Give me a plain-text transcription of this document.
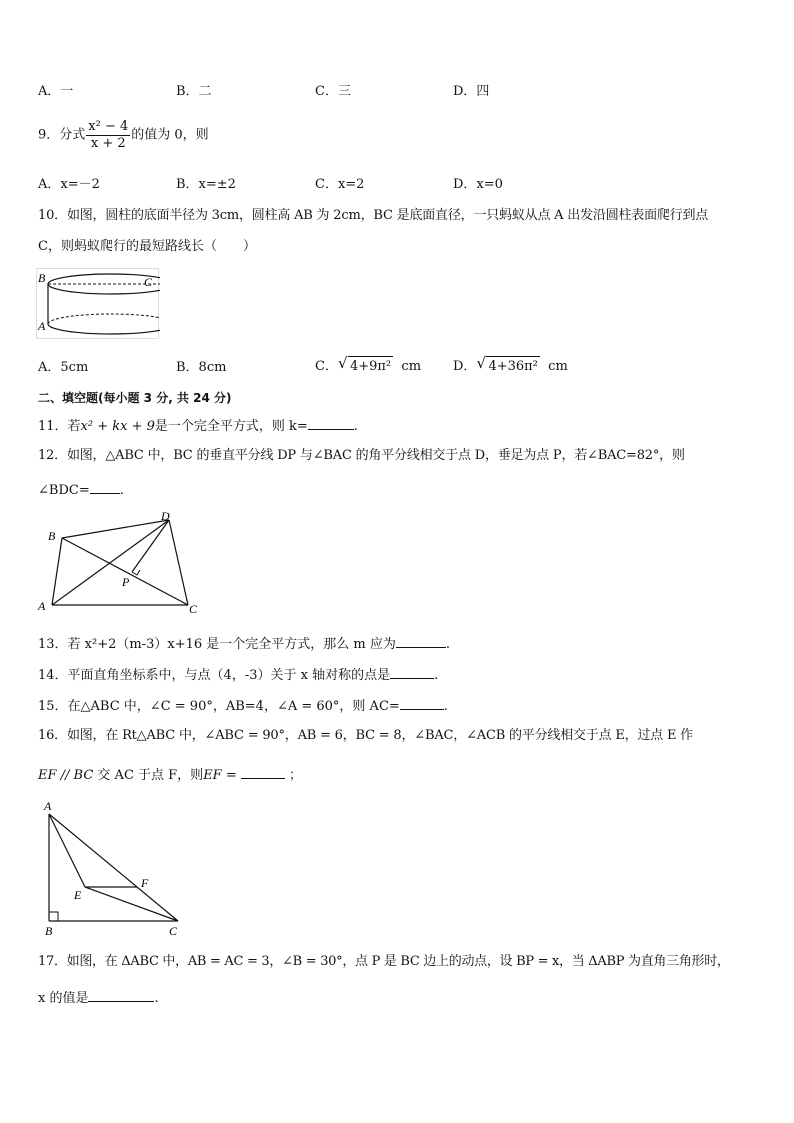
A．一	B．二	C．三	D．四
9．分式 $\frac{\text{x² − 4}}{x + 2}$ 的值为 0，则
A．x=－2	B．x=±2	C．x=2	D．x=0
10．如图，圆柱的底面半径为 3cm，圆柱高 AB 为 2cm，BC 是底面直径，一只蚂蚁从点 A 出发沿圆柱表面爬行到点
C，则蚂蚁爬行的最短路线长（　　）
B	C
A
A．5cm	B．8cm	C． √ 4+9π² cm D． √ 4+36π² cm
二、填空题(每小题 3 分, 共 24 分)
11．若x² + kx + 9是一个完全平方式，则 k=	.
12．如图，△ABC 中，BC 的垂直平分线 DP 与∠BAC 的角平分线相交于点 D，垂足为点 P，若∠BAC=82°，则
∠BDC= .
B
D
P
A	C
13．若 x²+2（m-3）x+16 是一个完全平方式，那么 m 应为	.
14．平面直角坐标系中，与点（4，-3）关于 x 轴对称的点是	.
15．在△ABC 中，∠C = 90°，AB=4，∠A = 60°，则 AC=	.
16．如图，在 Rt△ABC 中，∠ABC = 90°，AB = 6，BC = 8，∠BAC，∠ACB 的平分线相交于点 E，过点 E 作
EF // BC 交 AC 于点 F，则EF =	；
A
E
F
B	C
17．如图，在 ΔABC 中，AB = AC = 3，∠B = 30°，点 P 是 BC 边上的动点，设 BP = x，当 ΔABP 为直角三角形时，
x 的值是	.
